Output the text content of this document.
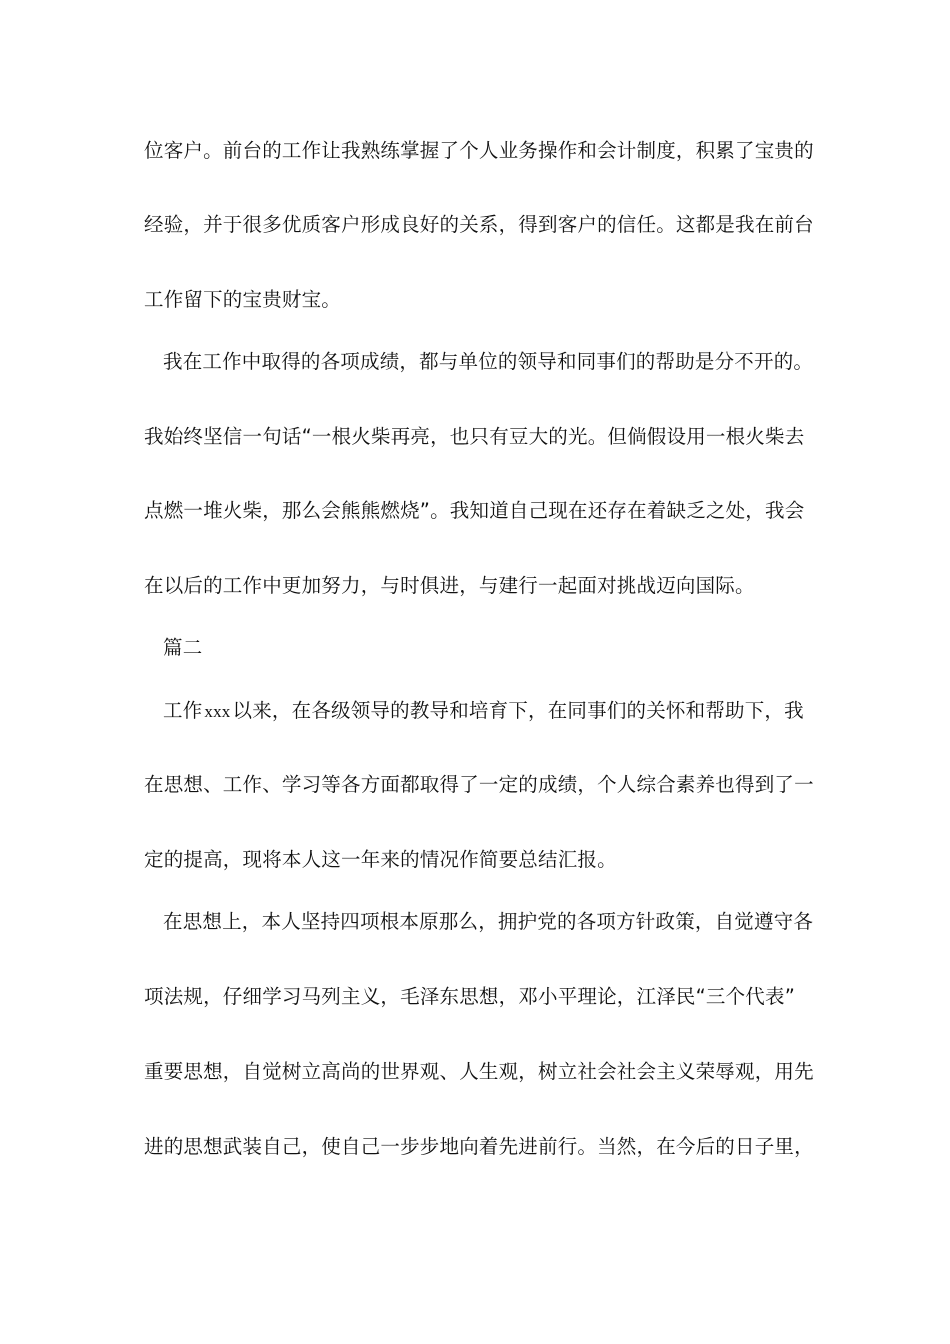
位客户。前台的工作让我熟练掌握了个人业务操作和会计制度，积累了宝贵的
经验，并于很多优质客户形成良好的关系，得到客户的信任。这都是我在前台
工作留下的宝贵财宝。
我在工作中取得的各项成绩，都与单位的领导和同事们的帮助是分不开的。
我始终坚信一句话“一根火柴再亮，也只有豆大的光。但倘假设用一根火柴去
点燃一堆火柴，那么会熊熊燃烧”。我知道自己现在还存在着缺乏之处，我会
在以后的工作中更加努力，与时俱进，与建行一起面对挑战迈向国际。
篇二
工作 xxx 以来，在各级领导的教导和培育下，在同事们的关怀和帮助下，我
在思想、工作、学习等各方面都取得了一定的成绩，个人综合素养也得到了一
定的提高，现将本人这一年来的情况作简要总结汇报。
在思想上，本人坚持四项根本原那么，拥护党的各项方针政策，自觉遵守各
项法规，仔细学习马列主义，毛泽东思想，邓小平理论，江泽民“三个代表”
重要思想，自觉树立高尚的世界观、人生观，树立社会社会主义荣辱观，用先
进的思想武装自己，使自己一步步地向着先进前行。当然，在今后的日子里，
